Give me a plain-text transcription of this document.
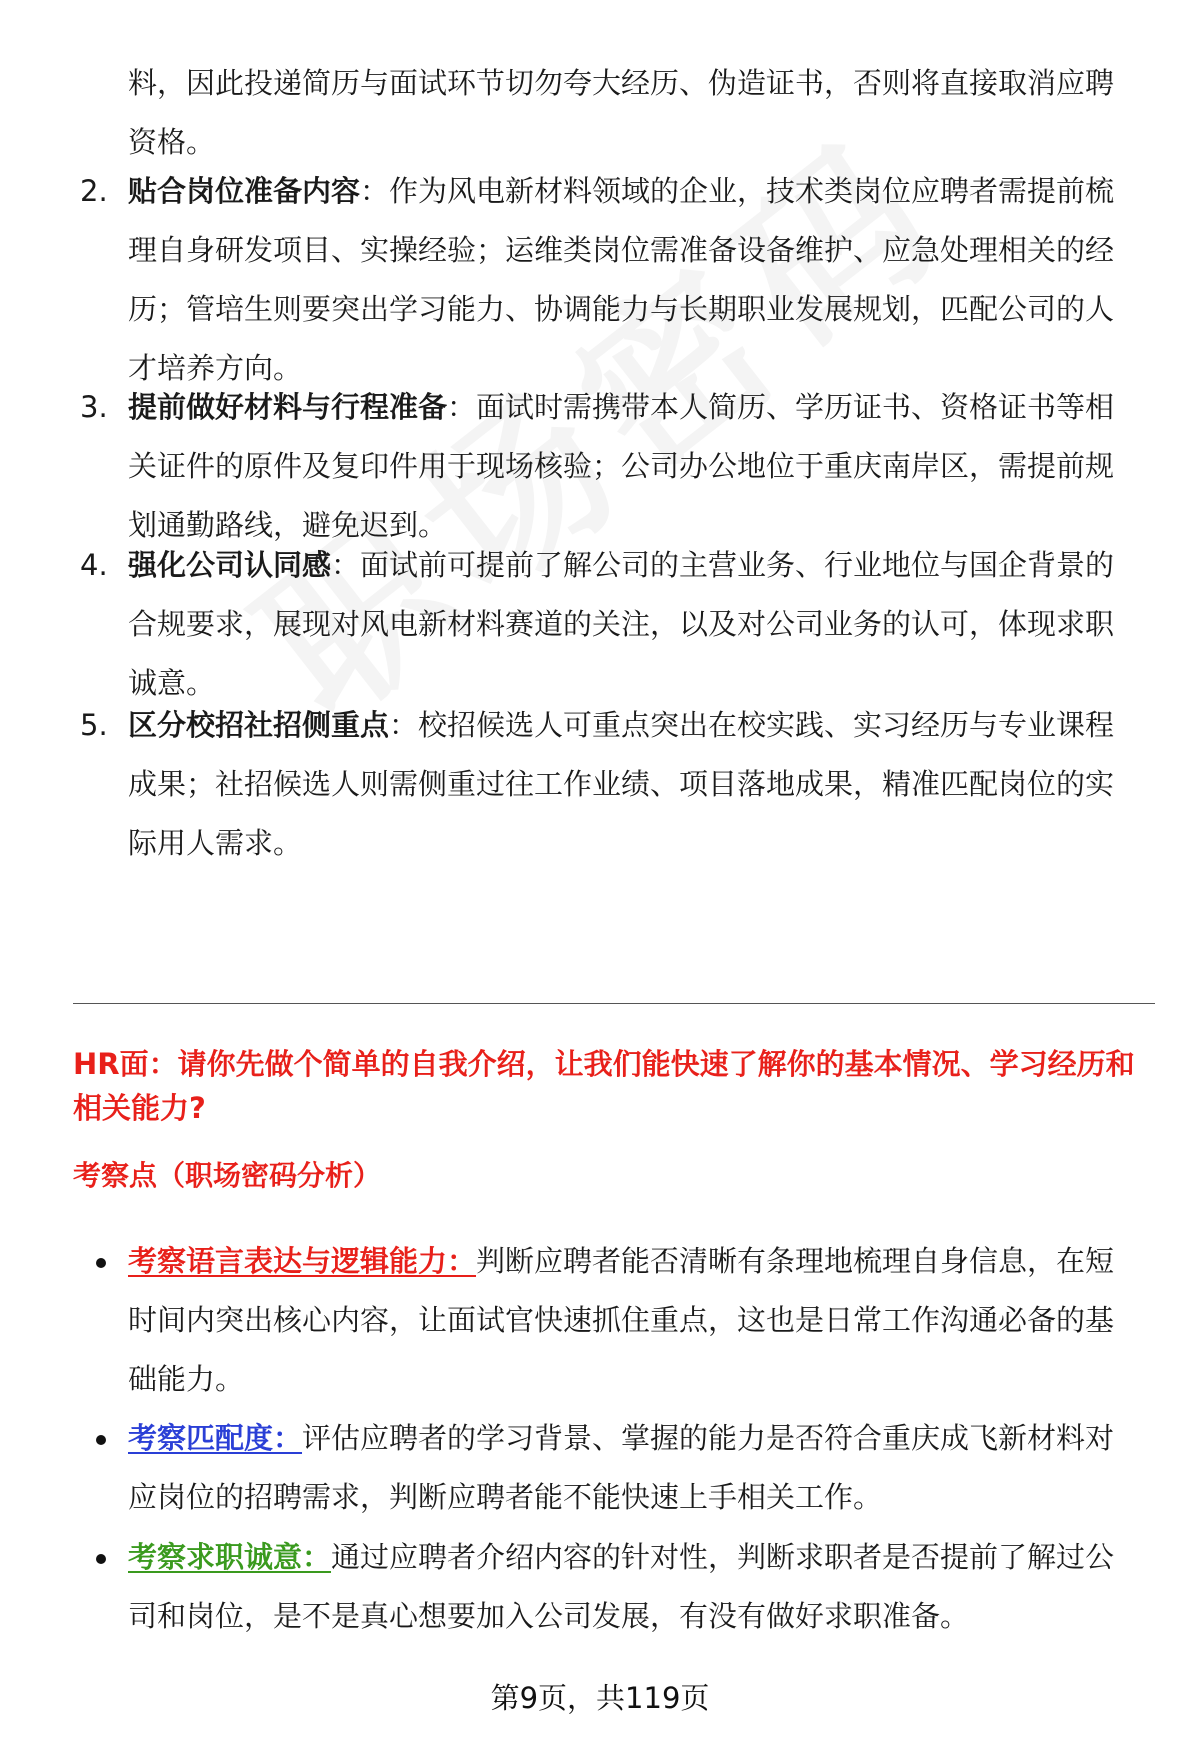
料，因此投递简历与面试环节切勿夸大经历、伪造证书，否则将直接取消应聘资格。

2. 贴合岗位准备内容：作为风电新材料领域的企业，技术类岗位应聘者需提前梳理自身研发项目、实操经验；运维类岗位需准备设备维护、应急处理相关的经历；管培生则要突出学习能力、协调能力与长期职业发展规划，匹配公司的人才培养方向。
3. 提前做好材料与行程准备：面试时需携带本人简历、学历证书、资格证书等相关证件的原件及复印件用于现场核验；公司办公地位于重庆南岸区，需提前规划通勤路线，避免迟到。
4. 强化公司认同感：面试前可提前了解公司的主营业务、行业地位与国企背景的合规要求，展现对风电新材料赛道的关注，以及对公司业务的认可，体现求职诚意。
5. 区分校招社招侧重点：校招候选人可重点突出在校实践、实习经历与专业课程成果；社招候选人则需侧重过往工作业绩、项目落地成果，精准匹配岗位的实际用人需求。
HR面：请你先做个简单的自我介绍，让我们能快速了解你的基本情况、学习经历和相关能力?
考察点（职场密码分析）
考察语言表达与逻辑能力：判断应聘者能否清晰有条理地梳理自身信息，在短时间内突出核心内容，让面试官快速抓住重点，这也是日常工作沟通必备的基础能力。
考察匹配度：评估应聘者的学习背景、掌握的能力是否符合重庆成飞新材料对应岗位的招聘需求，判断应聘者能不能快速上手相关工作。
考察求职诚意：通过应聘者介绍内容的针对性，判断求职者是否提前了解过公司和岗位，是不是真心想要加入公司发展，有没有做好求职准备。
第9页，共119页
